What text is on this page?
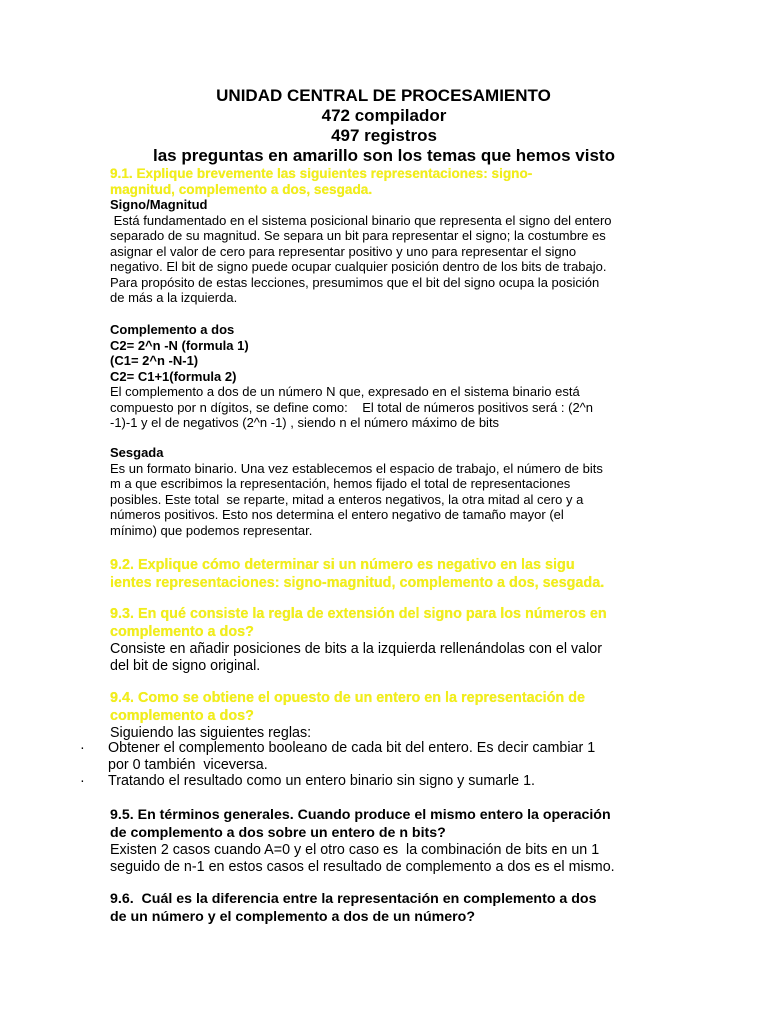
UNIDAD CENTRAL DE PROCESAMIENTO
472 compilador
497 registros
las preguntas en amarillo son los temas que hemos visto
9.1. Explique brevemente las siguientes representaciones: signo-
magnitud, complemento a dos, sesgada.
Signo/Magnitud
Está fundamentado en el sistema posicional binario que representa el signo del entero
separado de su magnitud. Se separa un bit para representar el signo; la costumbre es
asignar el valor de cero para representar positivo y uno para representar el signo
negativo. El bit de signo puede ocupar cualquier posición dentro de los bits de trabajo.
Para propósito de estas lecciones, presumimos que el bit del signo ocupa la posición
de más a la izquierda.
Complemento a dos
C2= 2^n -N (formula 1)
(C1= 2^n -N-1)
C2= C1+1(formula 2)
El complemento a dos de un número N que, expresado en el sistema binario está
compuesto por n dígitos, se define como:    El total de números positivos será : (2^n
-1)-1 y el de negativos (2^n -1) , siendo n el número máximo de bits
Sesgada
Es un formato binario. Una vez establecemos el espacio de trabajo, el número de bits
m a que escribimos la representación, hemos fijado el total de representaciones
posibles. Este total  se reparte, mitad a enteros negativos, la otra mitad al cero y a
números positivos. Esto nos determina el entero negativo de tamaño mayor (el
mínimo) que podemos representar.
9.2. Explique cómo determinar si un número es negativo en las sigu
ientes representaciones: signo-magnitud, complemento a dos, sesgada.
9.3. En qué consiste la regla de extensión del signo para los números en
complemento a dos?
Consiste en añadir posiciones de bits a la izquierda rellenándolas con el valor
del bit de signo original.
9.4. Como se obtiene el opuesto de un entero en la representación de
complemento a dos?
Siguiendo las siguientes reglas:
· Obtener el complemento booleano de cada bit del entero. Es decir cambiar 1
por 0 también  viceversa.
· Tratando el resultado como un entero binario sin signo y sumarle 1.
9.5. En términos generales. Cuando produce el mismo entero la operación
de complemento a dos sobre un entero de n bits?
Existen 2 casos cuando A=0 y el otro caso es  la combinación de bits en un 1
seguido de n-1 en estos casos el resultado de complemento a dos es el mismo.
9.6.  Cuál es la diferencia entre la representación en complemento a dos
de un número y el complemento a dos de un número?
